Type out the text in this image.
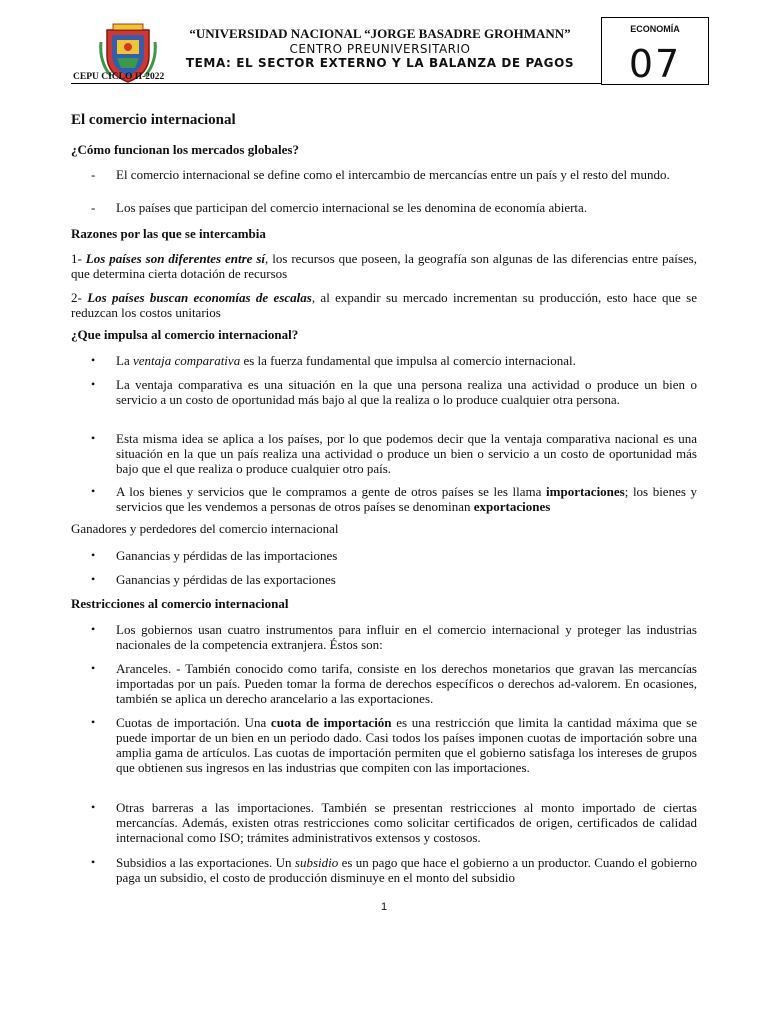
“UNIVERSIDAD NACIONAL “JORGE BASADRE GROHMANN”
CENTRO PREUNIVERSITARIO
TEMA: EL SECTOR EXTERNO Y LA BALANZA DE PAGOS
CEPU CICLO II-2022
ECONOMÍA
07
El comercio internacional
¿Cómo funcionan los mercados globales?
- El comercio internacional se define como el intercambio de mercancías entre un país y el resto del mundo.
- Los países que participan del comercio internacional se les denomina de economía abierta.
Razones por las que se intercambia
1- Los países son diferentes entre sí, los recursos que poseen, la geografía son algunas de las diferencias entre países, que determina cierta dotación de recursos
2- Los países buscan economías de escalas, al expandir su mercado incrementan su producción, esto hace que se reduzcan los costos unitarios
¿Que impulsa al comercio internacional?
• La ventaja comparativa es la fuerza fundamental que impulsa al comercio internacional.
• La ventaja comparativa es una situación en la que una persona realiza una actividad o produce un bien o servicio a un costo de oportunidad más bajo al que la realiza o lo produce cualquier otra persona.
• Esta misma idea se aplica a los países, por lo que podemos decir que la ventaja comparativa nacional es una situación en la que un país realiza una actividad o produce un bien o servicio a un costo de oportunidad más bajo que el que realiza o produce cualquier otro país.
• A los bienes y servicios que le compramos a gente de otros países se les llama importaciones; los bienes y servicios que les vendemos a personas de otros países se denominan exportaciones
Ganadores y perdedores del comercio internacional
• Ganancias y pérdidas de las importaciones
• Ganancias y pérdidas de las exportaciones
Restricciones al comercio internacional
• Los gobiernos usan cuatro instrumentos para influir en el comercio internacional y proteger las industrias nacionales de la competencia extranjera. Éstos son:
• Aranceles. - También conocido como tarifa, consiste en los derechos monetarios que gravan las mercancías importadas por un país. Pueden tomar la forma de derechos específicos o derechos ad-valorem. En ocasiones, también se aplica un derecho arancelario a las exportaciones.
• Cuotas de importación. Una cuota de importación es una restricción que limita la cantidad máxima que se puede importar de un bien en un periodo dado. Casi todos los países imponen cuotas de importación sobre una amplia gama de artículos. Las cuotas de importación permiten que el gobierno satisfaga los intereses de grupos que obtienen sus ingresos en las industrias que compiten con las importaciones.
• Otras barreras a las importaciones. También se presentan restricciones al monto importado de ciertas mercancías. Además, existen otras restricciones como solicitar certificados de origen, certificados de calidad internacional como ISO; trámites administrativos extensos y costosos.
• Subsidios a las exportaciones. Un subsidio es un pago que hace el gobierno a un productor. Cuando el gobierno paga un subsidio, el costo de producción disminuye en el monto del subsidio
1
